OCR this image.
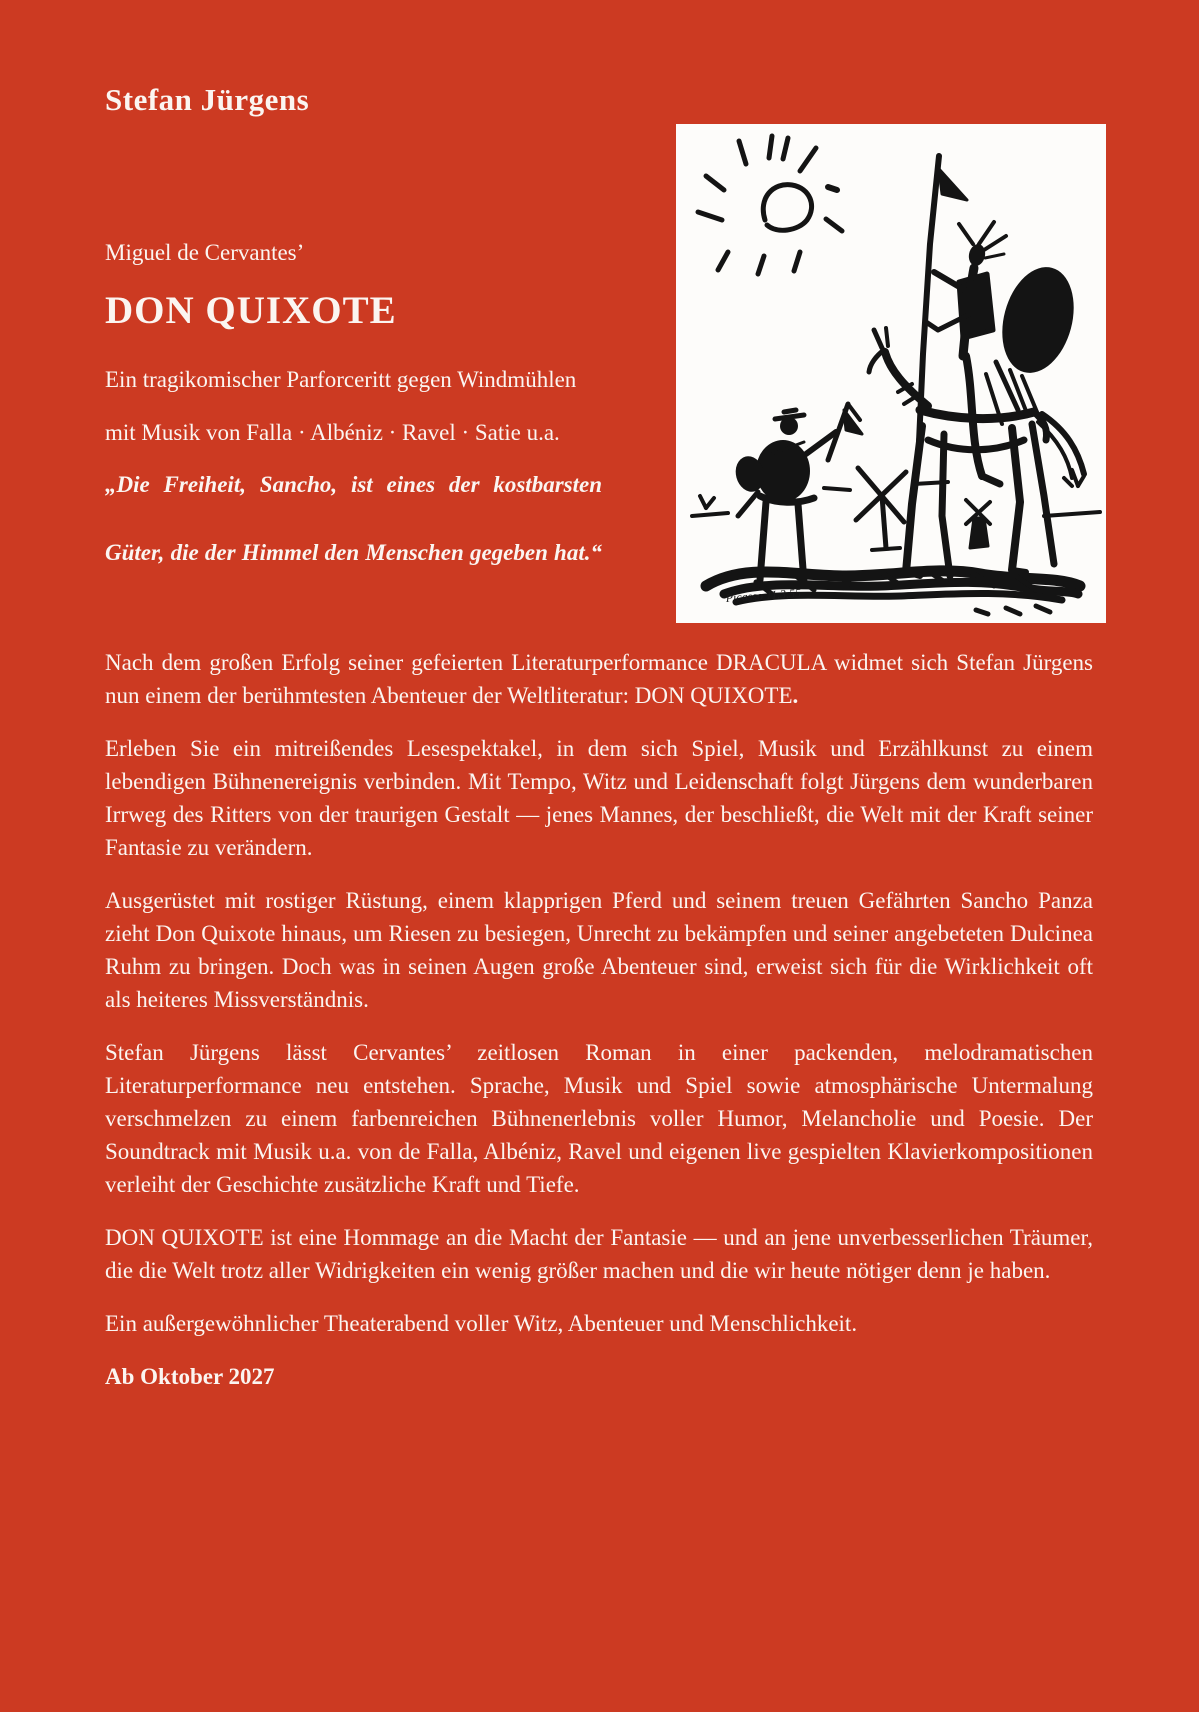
Stefan Jürgens
Miguel de Cervantes’
DON QUIXOTE
Ein tragikomischer Parforceritt gegen Windmühlen
mit Musik von Falla · Albéniz · Ravel · Satie u.a.
„Die Freiheit, Sancho, ist eines der kostbarsten
Güter, die der Himmel den Menschen gegeben hat.“
Picasso 11.3.55

Nach dem großen Erfolg seiner gefeierten Literaturperformance DRACULA widmet sich Stefan Jürgens nun einem der berühmtesten Abenteuer der Weltliteratur: DON QUIXOTE.

Erleben Sie ein mitreißendes Lesespektakel, in dem sich Spiel, Musik und Erzählkunst zu einem lebendigen Bühnenereignis verbinden. Mit Tempo, Witz und Leidenschaft folgt Jürgens dem wunderbaren Irrweg des Ritters von der traurigen Gestalt — jenes Mannes, der beschließt, die Welt mit der Kraft seiner Fantasie zu verändern.

Ausgerüstet mit rostiger Rüstung, einem klapprigen Pferd und seinem treuen Gefährten Sancho Panza zieht Don Quixote hinaus, um Riesen zu besiegen, Unrecht zu bekämpfen und seiner angebeteten Dulcinea Ruhm zu bringen. Doch was in seinen Augen große Abenteuer sind, erweist sich für die Wirklichkeit oft als heiteres Missverständnis.

Stefan Jürgens lässt Cervantes’ zeitlosen Roman in einer packenden, melodramatischen Literaturperformance neu entstehen. Sprache, Musik und Spiel sowie atmosphärische Untermalung verschmelzen zu einem farbenreichen Bühnenerlebnis voller Humor, Melancholie und Poesie. Der Soundtrack mit Musik u.a. von de Falla, Albéniz, Ravel und eigenen live gespielten Klavierkompositionen verleiht der Geschichte zusätzliche Kraft und Tiefe.

DON QUIXOTE ist eine Hommage an die Macht der Fantasie — und an jene unverbesserlichen Träumer, die die Welt trotz aller Widrigkeiten ein wenig größer machen und die wir heute nötiger denn je haben.

Ein außergewöhnlicher Theaterabend voller Witz, Abenteuer und Menschlichkeit.

Ab Oktober 2027
